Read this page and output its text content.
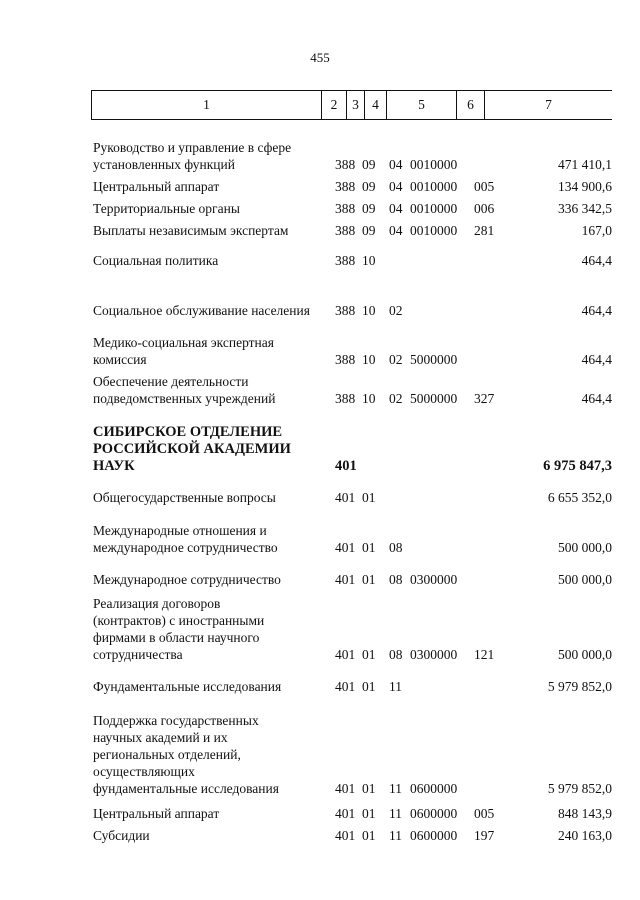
455
1	2	3 4	5	6	7
Руководство и управление в сфере установленных функций	388 09 04 0010000	471 410,1
Центральный аппарат	388 09 04 0010000 005	134 900,6
Территориальные органы	388 09 04 0010000 006	336 342,5
Выплаты независимым экспертам	388 09 04 0010000 281	167,0
Социальная политика	388 10	464,4
Социальное обслуживание населения 388 10 02	464,4
Медико-социальная экспертная комиссия	388 10 02 5000000	464,4
Обеспечение деятельности подведомственных учреждений	388 10 02 5000000 327	464,4
СИБИРСКОЕ ОТДЕЛЕНИЕ РОССИЙСКОЙ АКАДЕМИИ НАУК	401	6 975 847,3
Общегосударственные вопросы	401 01	6 655 352,0
Международные отношения и международное сотрудничество	401 01 08	500 000,0
Международное сотрудничество	401 01 08 0300000	500 000,0
Реализация договоров (контрактов) с иностранными фирмами в области научного сотрудничества	401 01 08 0300000 121	500 000,0
Фундаментальные исследования	401 01 11	5 979 852,0
Поддержка государственных научных академий и их региональных отделений, осуществляющих фундаментальные исследования	401 01 11 0600000	5 979 852,0
Центральный аппарат	401 01 11 0600000 005	848 143,9
Субсидии	401 01 11 0600000 197	240 163,0
